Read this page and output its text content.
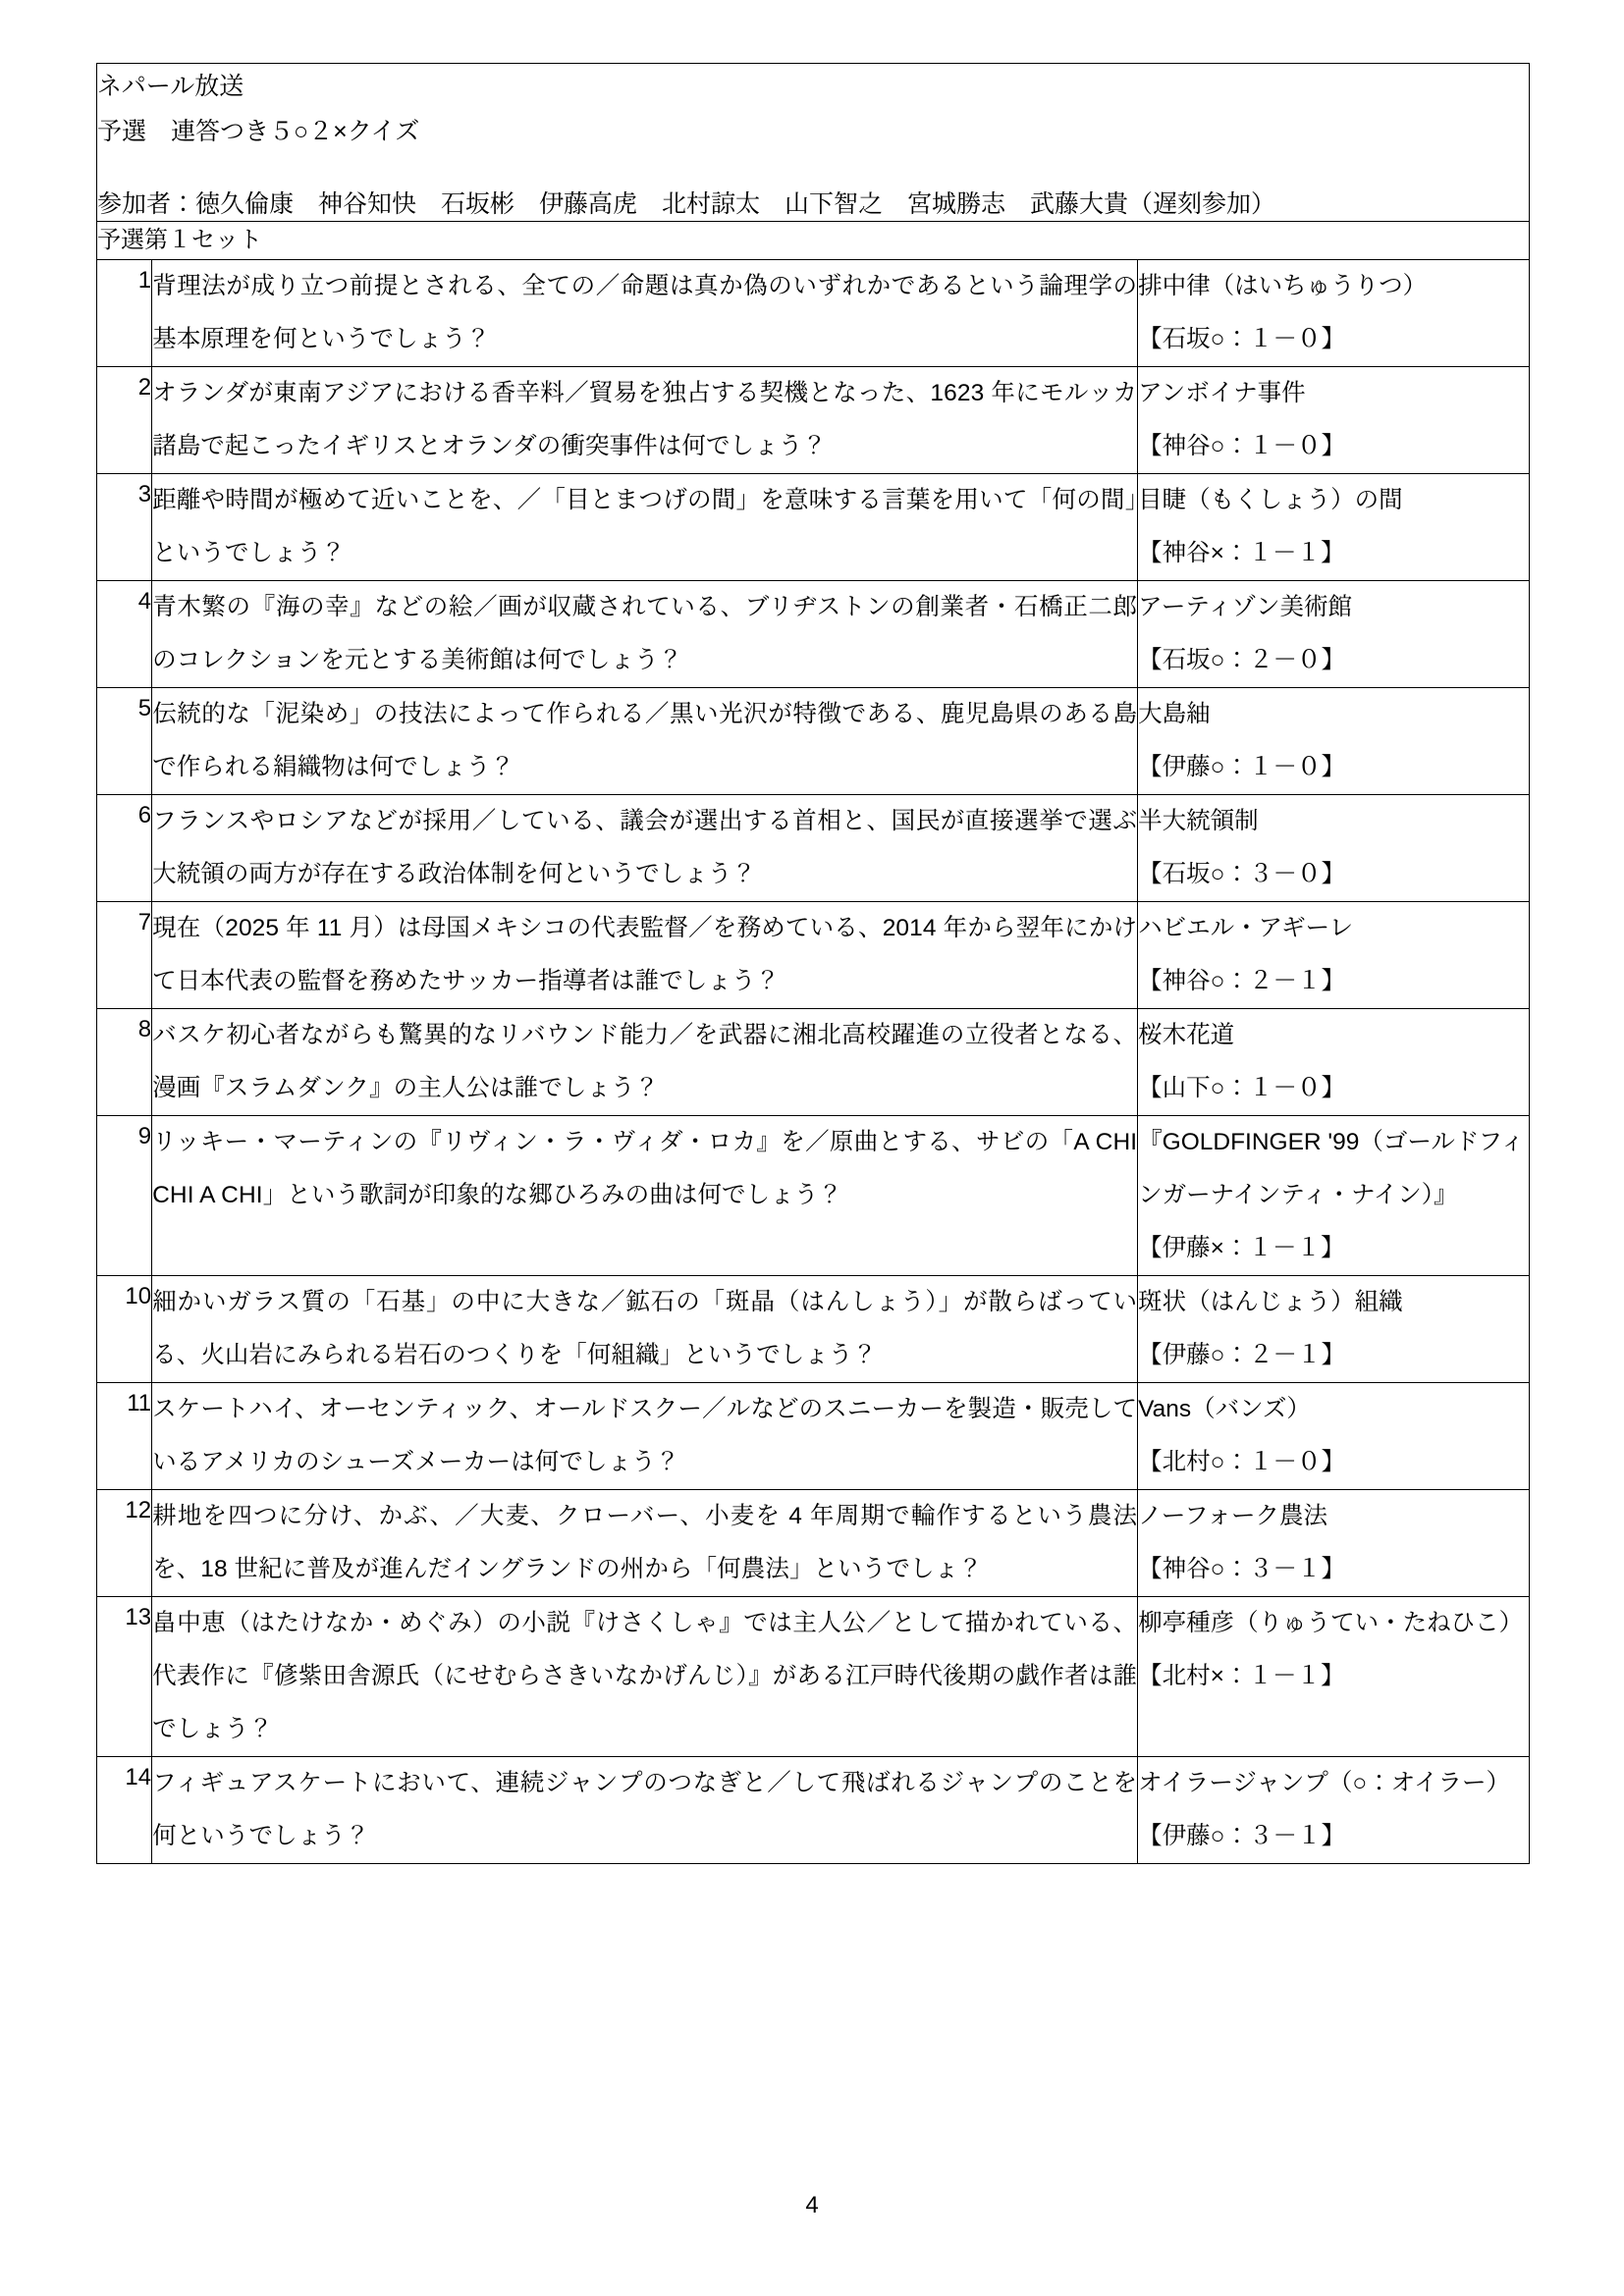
ネパール放送
予選　連答つき５○２×クイズ
参加者：徳久倫康　神谷知快　石坂彬　伊藤高虎　北村諒太　山下智之　宮城勝志　武藤大貴（遅刻参加）		

予選第１セット		

1	背理法が成り立つ前提とされる、全ての／命題は真か偽のいずれかであるという論理学の基本原理を何というでしょう？	排中律（はいちゅうりつ）
【石坂○：１－０】

2	オランダが東南アジアにおける香辛料／貿易を独占する契機となった、1623 年にモルッカ諸島で起こったイギリスとオランダの衝突事件は何でしょう？	アンボイナ事件
【神谷○：１－０】

3	距離や時間が極めて近いことを、／「目とまつげの間」を意味する言葉を用いて「何の間」というでしょう？	目睫（もくしょう）の間
【神谷×：１－１】

4	青木繁の『海の幸』などの絵／画が収蔵されている、ブリヂストンの創業者・石橋正二郎のコレクションを元とする美術館は何でしょう？	アーティゾン美術館
【石坂○：２－０】

5	伝統的な「泥染め」の技法によって作られる／黒い光沢が特徴である、鹿児島県のある島で作られる絹織物は何でしょう？	大島紬
【伊藤○：１－０】

6	フランスやロシアなどが採用／している、議会が選出する首相と、国民が直接選挙で選ぶ大統領の両方が存在する政治体制を何というでしょう？	半大統領制
【石坂○：３－０】

7	現在（2025 年 11 月）は母国メキシコの代表監督／を務めている、2014 年から翌年にかけて日本代表の監督を務めたサッカー指導者は誰でしょう？	ハビエル・アギーレ
【神谷○：２－１】

8	バスケ初心者ながらも驚異的なリバウンド能力／を武器に湘北高校躍進の立役者となる、漫画『スラムダンク』の主人公は誰でしょう？	桜木花道
【山下○：１－０】

9	リッキー・マーティンの『リヴィン・ラ・ヴィダ・ロカ』を／原曲とする、サビの「A CHI CHI A CHI」という歌詞が印象的な郷ひろみの曲は何でしょう？	『GOLDFINGER '99（ゴールドフィンガーナインティ・ナイン）』
【伊藤×：１－１】

10	細かいガラス質の「石基」の中に大きな／鉱石の「斑晶（はんしょう）」が散らばっている、火山岩にみられる岩石のつくりを「何組織」というでしょう？	斑状（はんじょう）組織
【伊藤○：２－１】

11	スケートハイ、オーセンティック、オールドスクー／ルなどのスニーカーを製造・販売しているアメリカのシューズメーカーは何でしょう？	Vans（バンズ）
【北村○：１－０】

12	耕地を四つに分け、かぶ、／大麦、クローバー、小麦を 4 年周期で輪作するという農法を、18 世紀に普及が進んだイングランドの州から「何農法」というでしょ？	ノーフォーク農法
【神谷○：３－１】

13	畠中恵（はたけなか・めぐみ）の小説『けさくしゃ』では主人公／として描かれている、代表作に『偐紫田舎源氏（にせむらさきいなかげんじ）』がある江戸時代後期の戯作者は誰でしょう？	柳亭種彦（りゅうてい・たねひこ）
【北村×：１－１】

14	フィギュアスケートにおいて、連続ジャンプのつなぎと／して飛ばれるジャンプのことを何というでしょう？	オイラージャンプ（○：オイラー）
【伊藤○：３－１】
4
